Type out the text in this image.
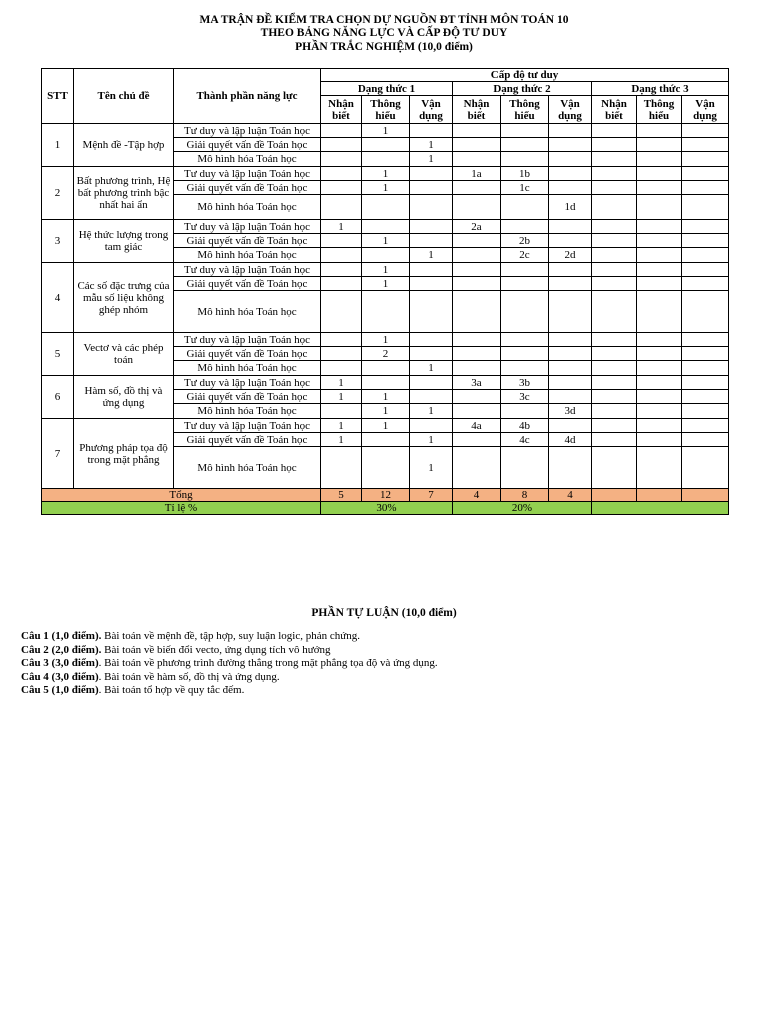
MA TRẬN ĐỀ KIỂM TRA CHỌN DỰ NGUỒN ĐT TỈNH MÔN TOÁN 10
THEO BẢNG NĂNG LỰC VÀ CẤP ĐỘ TƯ DUY
PHẦN TRẮC NGHIỆM (10,0 điểm)
STT	Tên chủ đề	Thành phần năng lực	Cấp độ tư duy								
			Dạng thức 1			Dạng thức 2			Dạng thức 3		
			Nhận biết	Thông hiểu	Vận dụng	Nhận biết	Thông hiểu	Vận dụng	Nhận biết	Thông hiểu	Vận dụng
1	Mệnh đề -Tập hợp	Tư duy và lập luận Toán học		1							
		Giải quyết vấn đề Toán học			1						
		Mô hình hóa Toán học			1						
2	Bất phương trình, Hệ bất phương trình bậc nhất hai ẩn	Tư duy và lập luận Toán học		1		1a	1b				
		Giải quyết vấn đề Toán học		1			1c				
		Mô hình hóa Toán học						1d			
3	Hệ thức lượng trong tam giác	Tư duy và lập luận Toán học	1			2a					
		Giải quyết vấn đề Toán học		1			2b				
		Mô hình hóa Toán học			1		2c	2d			
4	Các số đặc trưng của mẫu số liệu không ghép nhóm	Tư duy và lập luận Toán học		1							
		Giải quyết vấn đề Toán học		1							
		Mô hình hóa Toán học									
5	Vectơ và các phép toán	Tư duy và lập luận Toán học		1							
		Giải quyết vấn đề Toán học		2							
		Mô hình hóa Toán học			1						
6	Hàm số, đồ thị và ứng dụng	Tư duy và lập luận Toán học	1			3a	3b				
		Giải quyết vấn đề Toán học	1	1			3c				
		Mô hình hóa Toán học		1	1			3d			
7	Phương pháp tọa độ trong mặt phẳng	Tư duy và lập luận Toán học	1	1		4a	4b				
		Giải quyết vấn đề Toán học	1		1		4c	4d			
		Mô hình hóa Toán học			1						
Tổng			5	12	7	4	8	4			
Tỉ lệ %			30%			20%					
PHẦN TỰ LUẬN (10,0 điểm)
Câu 1 (1,0 điểm). Bài toán về mệnh đề, tập hợp, suy luận logic, phản chứng.
Câu 2 (2,0 điểm). Bài toán về biến đổi vecto, ứng dụng tích vô hướng
Câu 3 (3,0 điểm). Bài toán về phương trình đường thẳng trong mặt phẳng tọa độ và ứng dụng.
Câu 4 (3,0 điểm). Bài toán về hàm số, đồ thị và ứng dụng.
Câu 5 (1,0 điểm). Bài toán tổ hợp về quy tắc đếm.
